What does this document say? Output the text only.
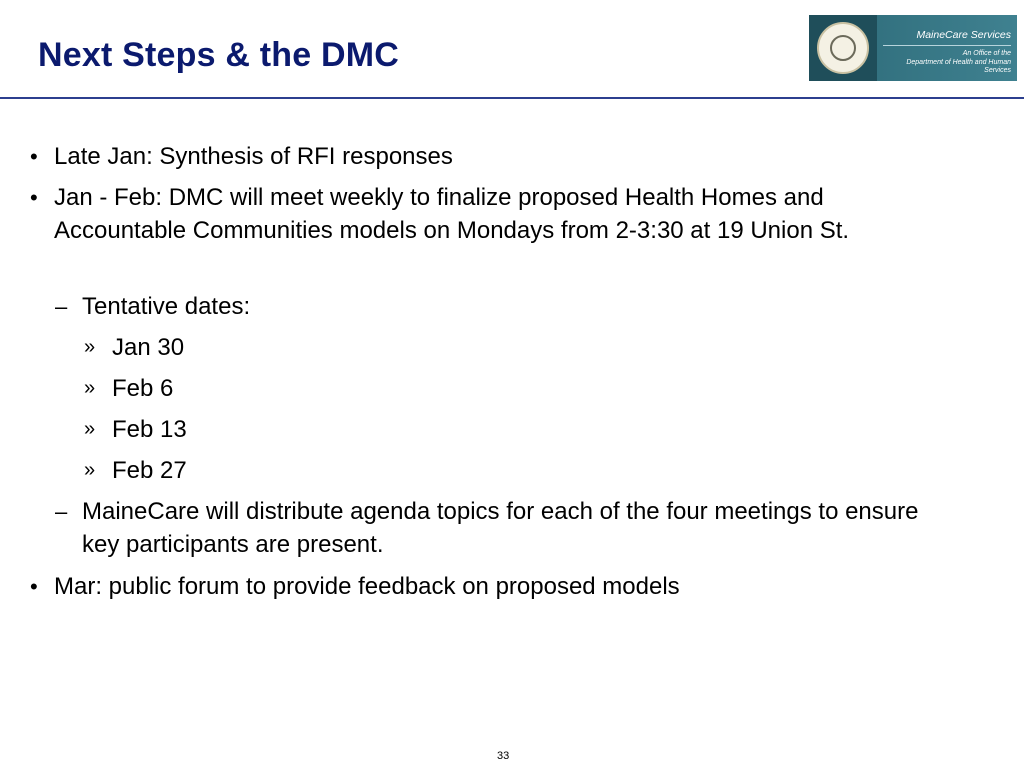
Next Steps & the DMC
MaineCare Services
An Office of the
Department of Health and Human Services
• Late Jan: Synthesis of RFI responses
• Jan - Feb: DMC will meet weekly to finalize proposed Health Homes and Accountable Communities models on Mondays from 2-3:30 at 19 Union St.
– Tentative dates:
» Jan 30
» Feb 6
» Feb 13
» Feb 27
– MaineCare will distribute agenda topics for each of the four meetings to ensure key participants are present.
• Mar: public forum to provide feedback on proposed models
33
